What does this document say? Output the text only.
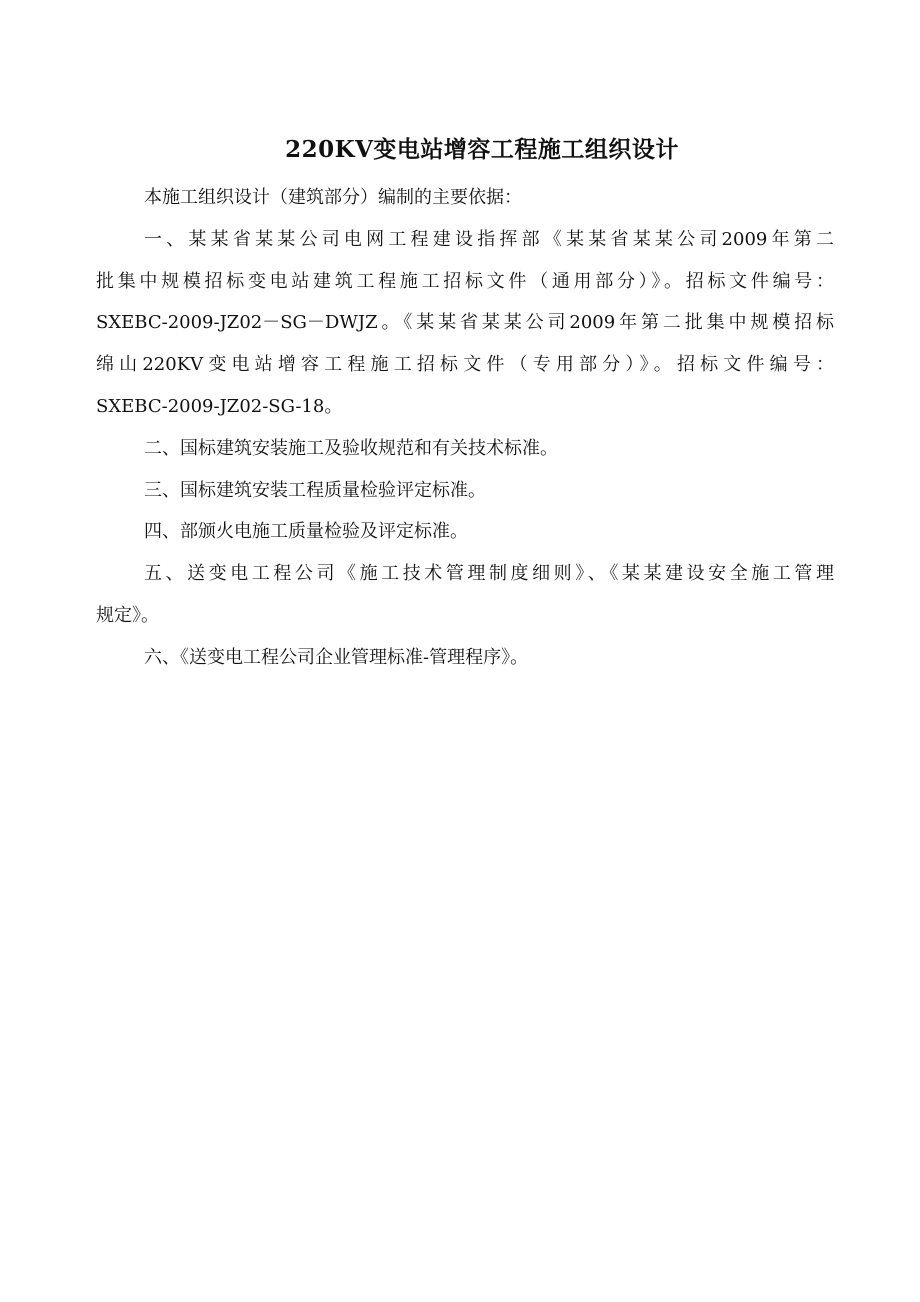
220KV变电站增容工程施工组织设计
本施工组织设计（建筑部分）编制的主要依据：
一、某某省某某公司电网工程建设指挥部《某某省某某公司2009年第二
批集中规模招标变电站建筑工程施工招标文件（通用部分）》。招标文件编号：
SXEBC-2009-JZ02－SG－DWJZ。《某某省某某公司2009年第二批集中规模招标
绵山220KV变电站增容工程施工招标文件（专用部分）》。招标文件编号：
SXEBC-2009-JZ02-SG-18。
二、国标建筑安装施工及验收规范和有关技术标准。
三、国标建筑安装工程质量检验评定标准。
四、部颁火电施工质量检验及评定标准。
五、送变电工程公司《施工技术管理制度细则》、《某某建设安全施工管理
规定》。
六、《送变电工程公司企业管理标准-管理程序》。
